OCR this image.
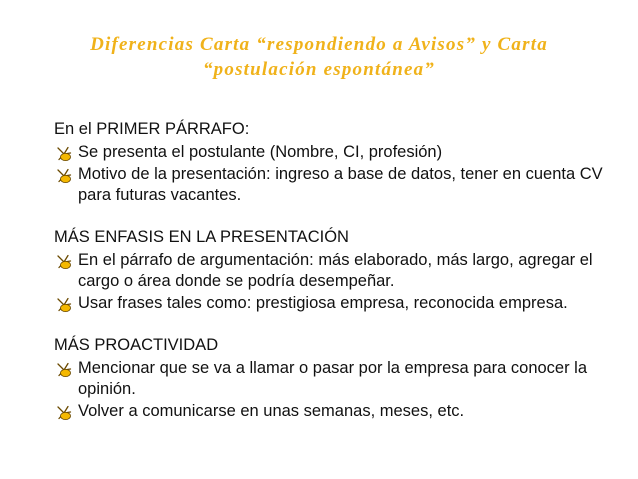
Diferencias Carta “respondiendo a Avisos” y Carta
“postulación espontánea”

En el PRIMER PÁRRAFO:

Se presenta el postulante (Nombre, CI, profesión)
Motivo de la presentación: ingreso a base de datos, tener en cuenta CV para futuras vacantes.

MÁS ENFASIS EN LA PRESENTACIÓN

En el párrafo de argumentación: más elaborado, más largo, agregar el cargo o área donde se podría desempeñar.
Usar frases tales como: prestigiosa empresa, reconocida empresa.

MÁS PROACTIVIDAD

Mencionar que se va a llamar o pasar por la empresa para conocer la opinión.
Volver a comunicarse en unas semanas, meses, etc.
